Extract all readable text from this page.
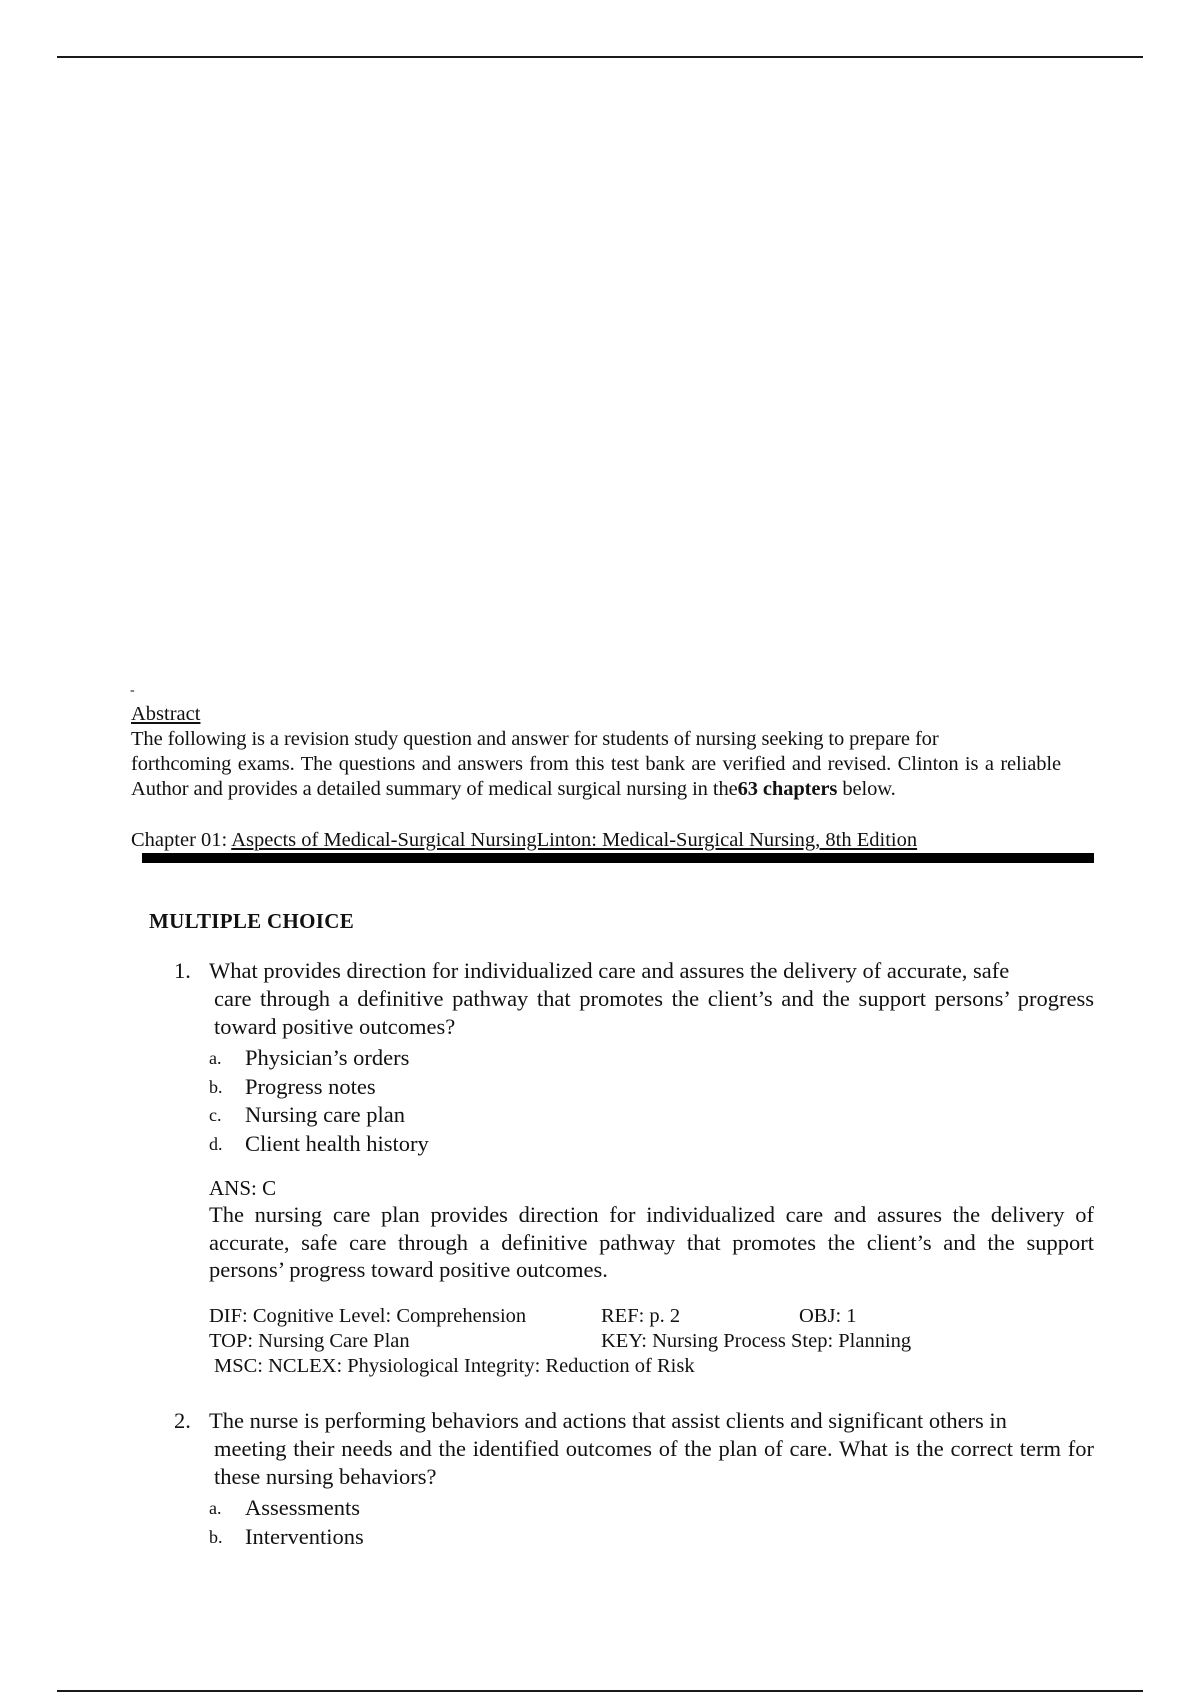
-
Abstract
The following is a revision study question and answer for students of nursing seeking to prepare for
forthcoming exams. The questions and answers from this test bank are verified and revised. Clinton is a reliable Author and provides a detailed summary of medical surgical nursing in the63 chapters below.
Chapter 01: Aspects of Medical-Surgical NursingLinton: Medical-Surgical Nursing, 8th Edition
MULTIPLE CHOICE
1. What provides direction for individualized care and assures the delivery of accurate, safe
care through a definitive pathway that promotes the client’s and the support persons’ progress toward positive outcomes?
a. Physician’s orders
b. Progress notes
c. Nursing care plan
d. Client health history
ANS: C
The nursing care plan provides direction for individualized care and assures the delivery of accurate, safe care through a definitive pathway that promotes the client’s and the support persons’ progress toward positive outcomes.
DIF: Cognitive Level: Comprehension	REF: p. 2	OBJ: 1
TOP: Nursing Care Plan	KEY: Nursing Process Step: Planning
MSC: NCLEX: Physiological Integrity: Reduction of Risk
2. The nurse is performing behaviors and actions that assist clients and significant others in
meeting their needs and the identified outcomes of the plan of care. What is the correct term for these nursing behaviors?
a. Assessments
b. Interventions
